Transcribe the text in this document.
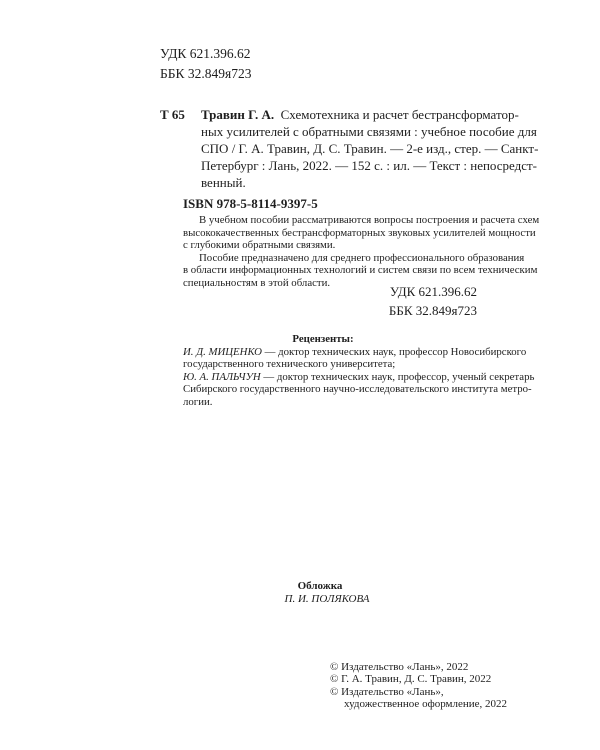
УДК 621.396.62
ББК 32.849я723
Т 65 Травин Г. А. Схемотехника и расчет бестрансформатор-
ных усилителей с обратными связями : учебное пособие для
СПО / Г. А. Травин, Д. С. Травин. — 2-е изд., стер. — Санкт-
Петербург : Лань, 2022. — 152 с. : ил. — Текст : непосредст-
венный.
ISBN 978-5-8114-9397-5
В учебном пособии рассматриваются вопросы построения и расчета схем
высококачественных бестрансформаторных звуковых усилителей мощности
с глубокими обратными связями.
Пособие предназначено для среднего профессионального образования
в области информационных технологий и систем связи по всем техническим
специальностям в этой области.
УДК 621.396.62
ББК 32.849я723
Рецензенты:
И. Д. МИЦЕНКО — доктор технических наук, профессор Новосибирского
государственного технического университета;
Ю. А. ПАЛЬЧУН — доктор технических наук, профессор, ученый секретарь
Сибирского государственного научно-исследовательского института метро-
логии.
Обложка
П. И. ПОЛЯКОВА
© Издательство «Лань», 2022
© Г. А. Травин, Д. С. Травин, 2022
© Издательство «Лань»,
художественное оформление, 2022
